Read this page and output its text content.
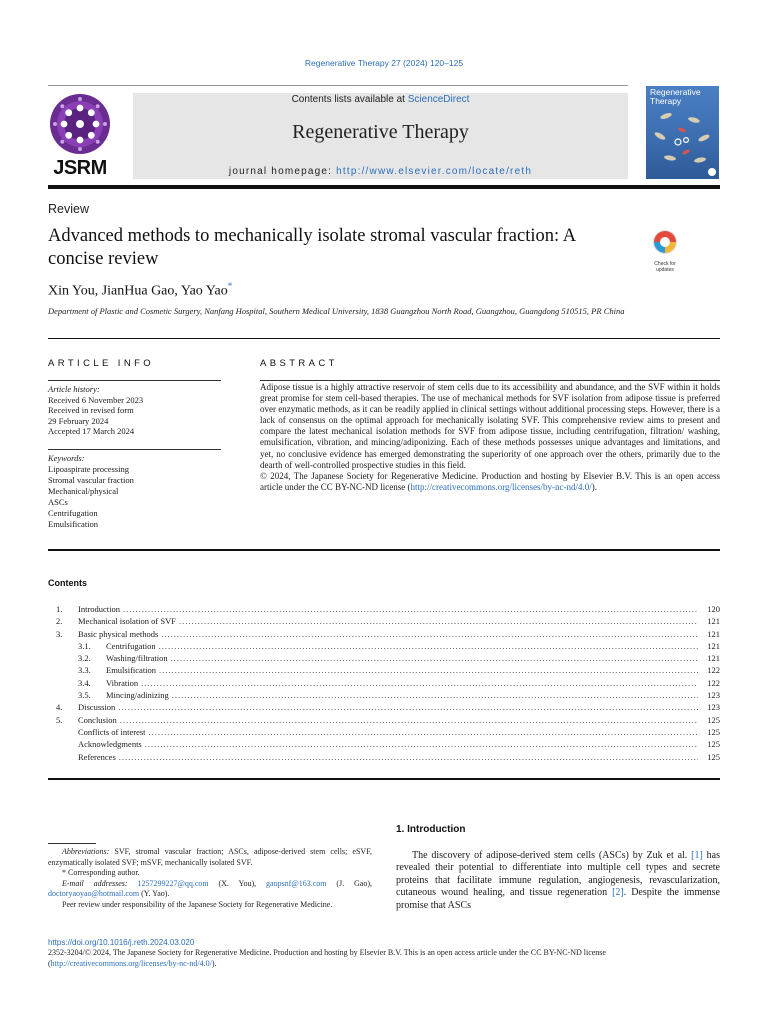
Regenerative Therapy 27 (2024) 120–125
JSRM
Contents lists available at ScienceDirect
Regenerative Therapy
journal homepage: http://www.elsevier.com/locate/reth
Regenerative Therapy
Review
Advanced methods to mechanically isolate stromal vascular fraction: A concise review	Check for updates
Xin You, JianHua Gao, Yao Yao*
Department of Plastic and Cosmetic Surgery, Nanfang Hospital, Southern Medical University, 1838 Guangzhou North Road, Guangzhou, Guangdong 510515, PR China
ARTICLE INFO	ABSTRACT
Article history:
Received 6 November 2023
Received in revised form
29 February 2024
Accepted 17 March 2024
Keywords:
Lipoaspirate processing
Stromal vascular fraction
Mechanical/physical
ASCs
Centrifugation
Emulsification
Adipose tissue is a highly attractive reservoir of stem cells due to its accessibility and abundance, and the SVF within it holds great promise for stem cell-based therapies. The use of mechanical methods for SVF isolation from adipose tissue is preferred over enzymatic methods, as it can be readily applied in clinical settings without additional processing steps. However, there is a lack of consensus on the optimal approach for mechanically isolating SVF. This comprehensive review aims to present and compare the latest mechanical isolation methods for SVF from adipose tissue, including centrifugation, filtration/ washing, emulsification, vibration, and mincing/adiponizing. Each of these methods possesses unique advantages and limitations, and yet, no conclusive evidence has emerged demonstrating the superiority of one approach over the others, primarily due to the dearth of well-controlled prospective studies in this field.
© 2024, The Japanese Society for Regenerative Medicine. Production and hosting by Elsevier B.V. This is an open access article under the CC BY-NC-ND license (http://creativecommons.org/licenses/by-nc-nd/4.0/).
Contents
1.	Introduction .....	120
2.	Mechanical isolation of SVF .....	121
3.	Basic physical methods .....	121
3.1.	Centrifugation .....	121
3.2.	Washing/filtration .....	121
3.3.	Emulsification .....	122
3.4.	Vibration .....	122
3.5.	Mincing/adinizing .....	123
4.	Discussion .....	123
5.	Conclusion .....	125
Conflicts of interest .....	125
Acknowledgments .....	125
References .....	125
1. Introduction
The discovery of adipose-derived stem cells (ASCs) by Zuk et al. [1] has revealed their potential to differentiate into multiple cell types and secrete proteins that facilitate immune regulation, angiogenesis, revascularization, cutaneous wound healing, and tissue regeneration [2]. Despite the immense promise that ASCs
Abbreviations: SVF, stromal vascular fraction; ASCs, adipose-derived stem cells; eSVF, enzymatically isolated SVF; mSVF, mechanically isolated SVF.
* Corresponding author.
E-mail addresses: 1257299227@qq.com (X. You), gaopsnf@163.com (J. Gao), doctoryaoyao@hotmail.com (Y. Yao).
Peer review under responsibility of the Japanese Society for Regenerative Medicine.
https://doi.org/10.1016/j.reth.2024.03.020
2352-3204/© 2024, The Japanese Society for Regenerative Medicine. Production and hosting by Elsevier B.V. This is an open access article under the CC BY-NC-ND license (http://creativecommons.org/licenses/by-nc-nd/4.0/).
